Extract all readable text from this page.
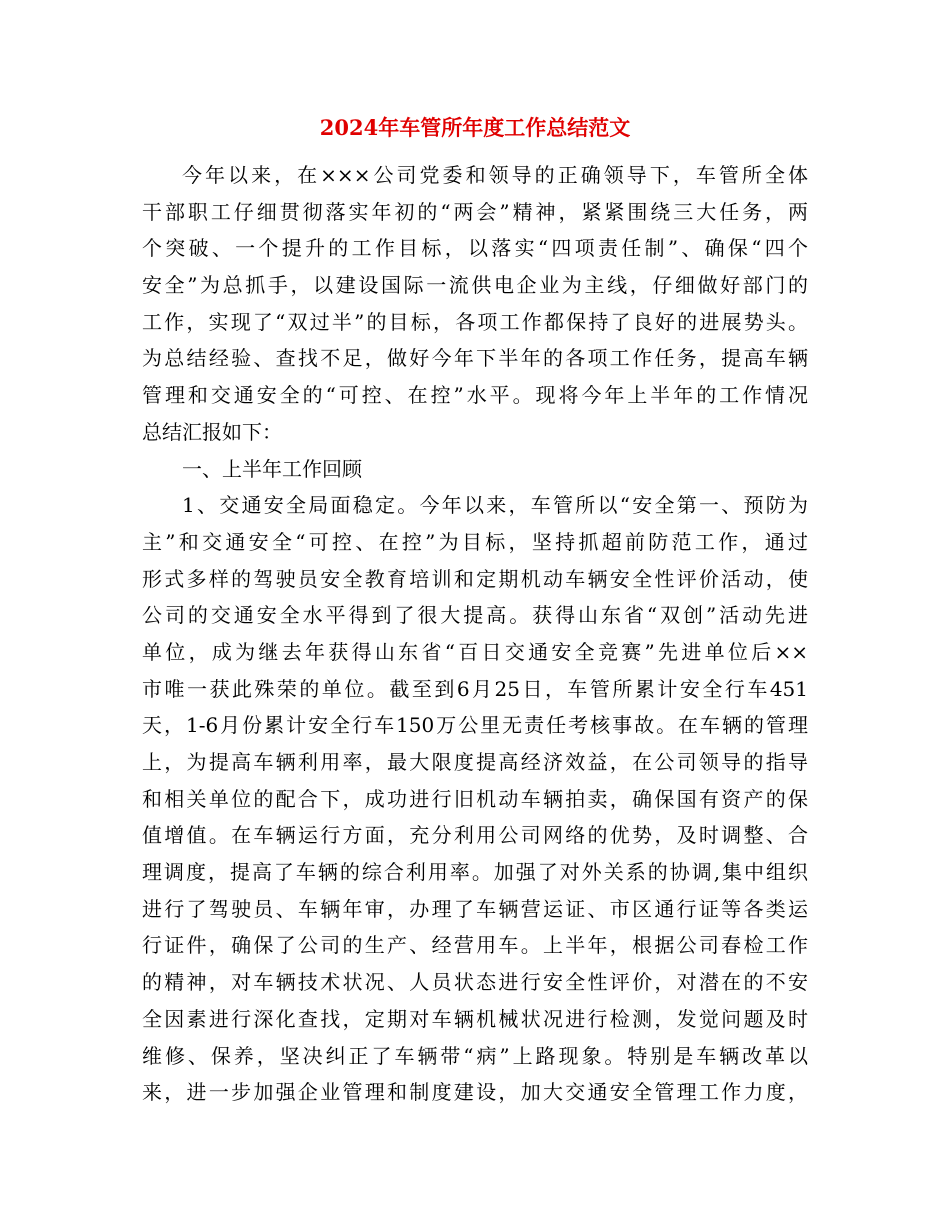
2024年车管所年度工作总结范文
今年以来，在×××公司党委和领导的正确领导下，车管所全体
干部职工仔细贯彻落实年初的“两会”精神，紧紧围绕三大任务，两
个突破、一个提升的工作目标，以落实“四项责任制”、确保“四个
安全”为总抓手，以建设国际一流供电企业为主线，仔细做好部门的
工作，实现了“双过半”的目标，各项工作都保持了良好的进展势头。
为总结经验、查找不足，做好今年下半年的各项工作任务，提高车辆
管理和交通安全的“可控、在控”水平。现将今年上半年的工作情况
总结汇报如下：
一、上半年工作回顾
1、交通安全局面稳定。今年以来，车管所以“安全第一、预防为
主”和交通安全“可控、在控”为目标，坚持抓超前防范工作，通过
形式多样的驾驶员安全教育培训和定期机动车辆安全性评价活动，使
公司的交通安全水平得到了很大提高。获得山东省“双创”活动先进
单位，成为继去年获得山东省“百日交通安全竞赛”先进单位后××
市唯一获此殊荣的单位。截至到6月25日，车管所累计安全行车451
天，1-6月份累计安全行车150万公里无责任考核事故。在车辆的管理
上，为提高车辆利用率，最大限度提高经济效益，在公司领导的指导
和相关单位的配合下，成功进行旧机动车辆拍卖，确保国有资产的保
值增值。在车辆运行方面，充分利用公司网络的优势，及时调整、合
理调度，提高了车辆的综合利用率。加强了对外关系的协调,集中组织
进行了驾驶员、车辆年审，办理了车辆营运证、市区通行证等各类运
行证件，确保了公司的生产、经营用车。上半年，根据公司春检工作
的精神，对车辆技术状况、人员状态进行安全性评价，对潜在的不安
全因素进行深化查找，定期对车辆机械状况进行检测，发觉问题及时
维修、保养，坚决纠正了车辆带“病”上路现象。特别是车辆改革以
来，进一步加强企业管理和制度建设，加大交通安全管理工作力度，
